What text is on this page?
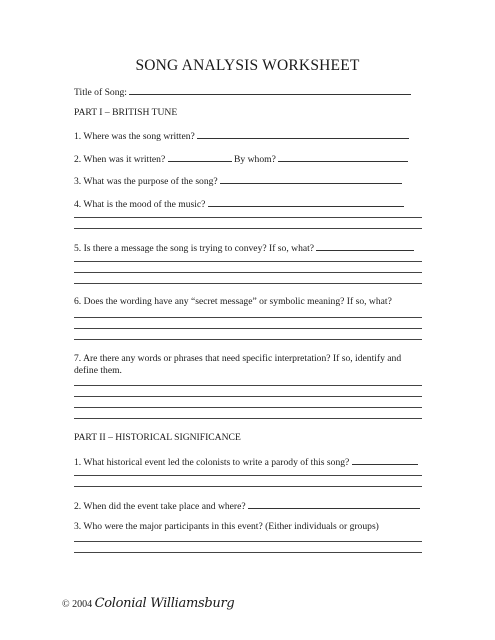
SONG ANALYSIS WORKSHEET
Title of Song:
PART I – BRITISH TUNE
1. Where was the song written?
2. When was it written?	By whom?
3. What was the purpose of the song?
4. What is the mood of the music?
5. Is there a message the song is trying to convey? If so, what?
6. Does the wording have any “secret message” or symbolic meaning? If so, what?
7. Are there any words or phrases that need specific interpretation? If so, identify and define them.
PART II – HISTORICAL SIGNIFICANCE
1. What historical event led the colonists to write a parody of this song?
2. When did the event take place and where?
3. Who were the major participants in this event? (Either individuals or groups)
© 2004 Colonial Williamsburg
